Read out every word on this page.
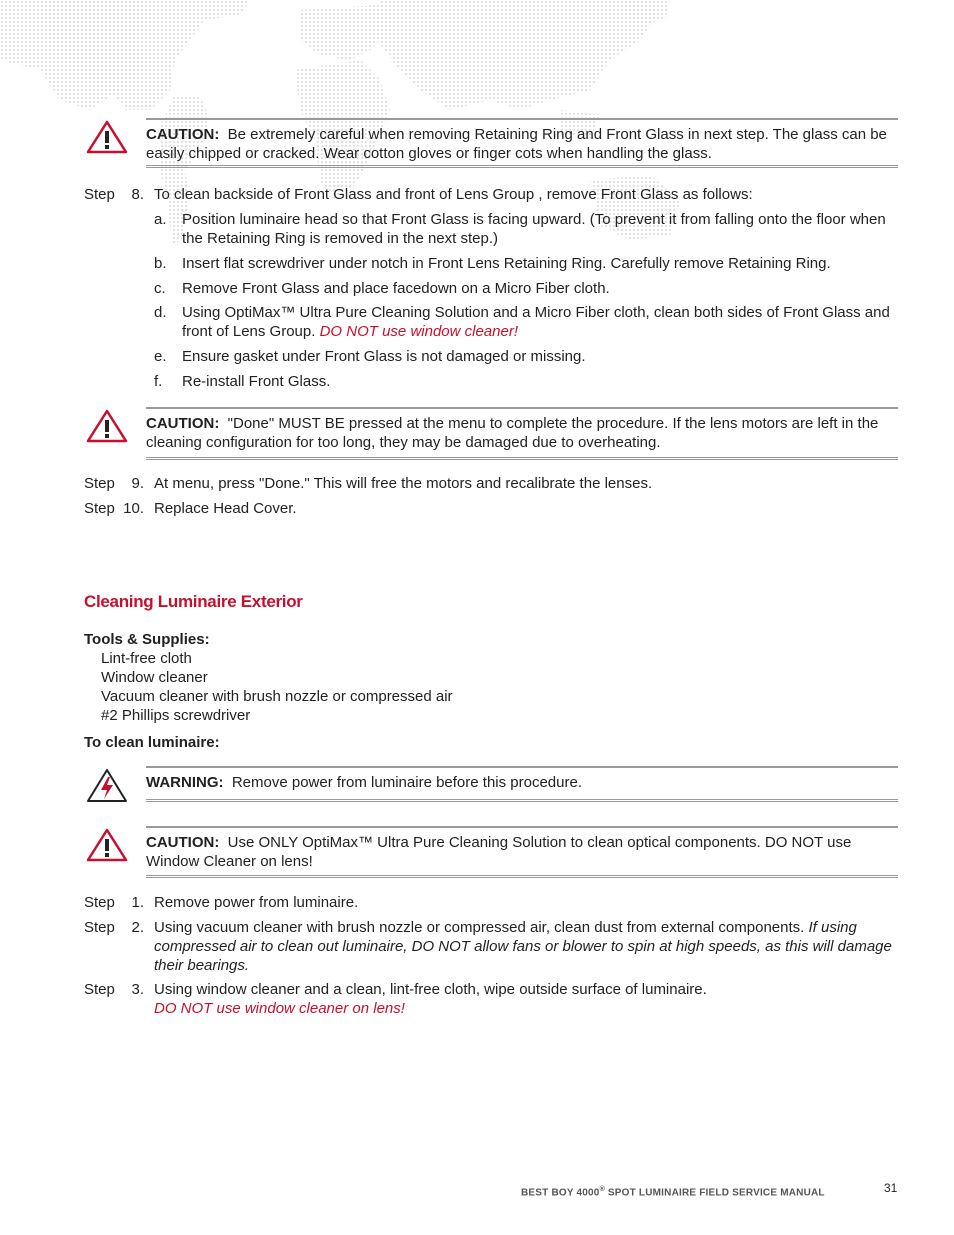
CAUTION: Be extremely careful when removing Retaining Ring and Front Glass in next step. The glass can be easily chipped or cracked. Wear cotton gloves or finger cots when handling the glass.
Step	8. To clean backside of Front Glass and front of Lens Group , remove Front Glass as follows:
a.	Position luminaire head so that Front Glass is facing upward. (To prevent it from falling onto the floor when the Retaining Ring is removed in the next step.)
b.	Insert flat screwdriver under notch in Front Lens Retaining Ring. Carefully remove Retaining Ring.
c.	Remove Front Glass and place facedown on a Micro Fiber cloth.
d.	Using OptiMax™ Ultra Pure Cleaning Solution and a Micro Fiber cloth, clean both sides of Front Glass and front of Lens Group. DO NOT use window cleaner!
e.	Ensure gasket under Front Glass is not damaged or missing.
f.	Re-install Front Glass.
CAUTION: "Done" MUST BE pressed at the menu to complete the procedure. If the lens motors are left in the cleaning configuration for too long, they may be damaged due to overheating.
Step	9. At menu, press "Done." This will free the motors and recalibrate the lenses.
Step 10. Replace Head Cover.
Cleaning Luminaire Exterior
Tools & Supplies:
Lint-free cloth
Window cleaner
Vacuum cleaner with brush nozzle or compressed air
#2 Phillips screwdriver
To clean luminaire:
WARNING: Remove power from luminaire before this procedure.
CAUTION: Use ONLY OptiMax™ Ultra Pure Cleaning Solution to clean optical components. DO NOT use Window Cleaner on lens!
Step	1. Remove power from luminaire.
Step	2. Using vacuum cleaner with brush nozzle or compressed air, clean dust from external components. If using compressed air to clean out luminaire, DO NOT allow fans or blower to spin at high speeds, as this will damage their bearings.
Step	3. Using window cleaner and a clean, lint-free cloth, wipe outside surface of luminaire.
DO NOT use window cleaner on lens!
BEST BOY 4000® SPOT LUMINAIRE FIELD SERVICE MANUAL	31
